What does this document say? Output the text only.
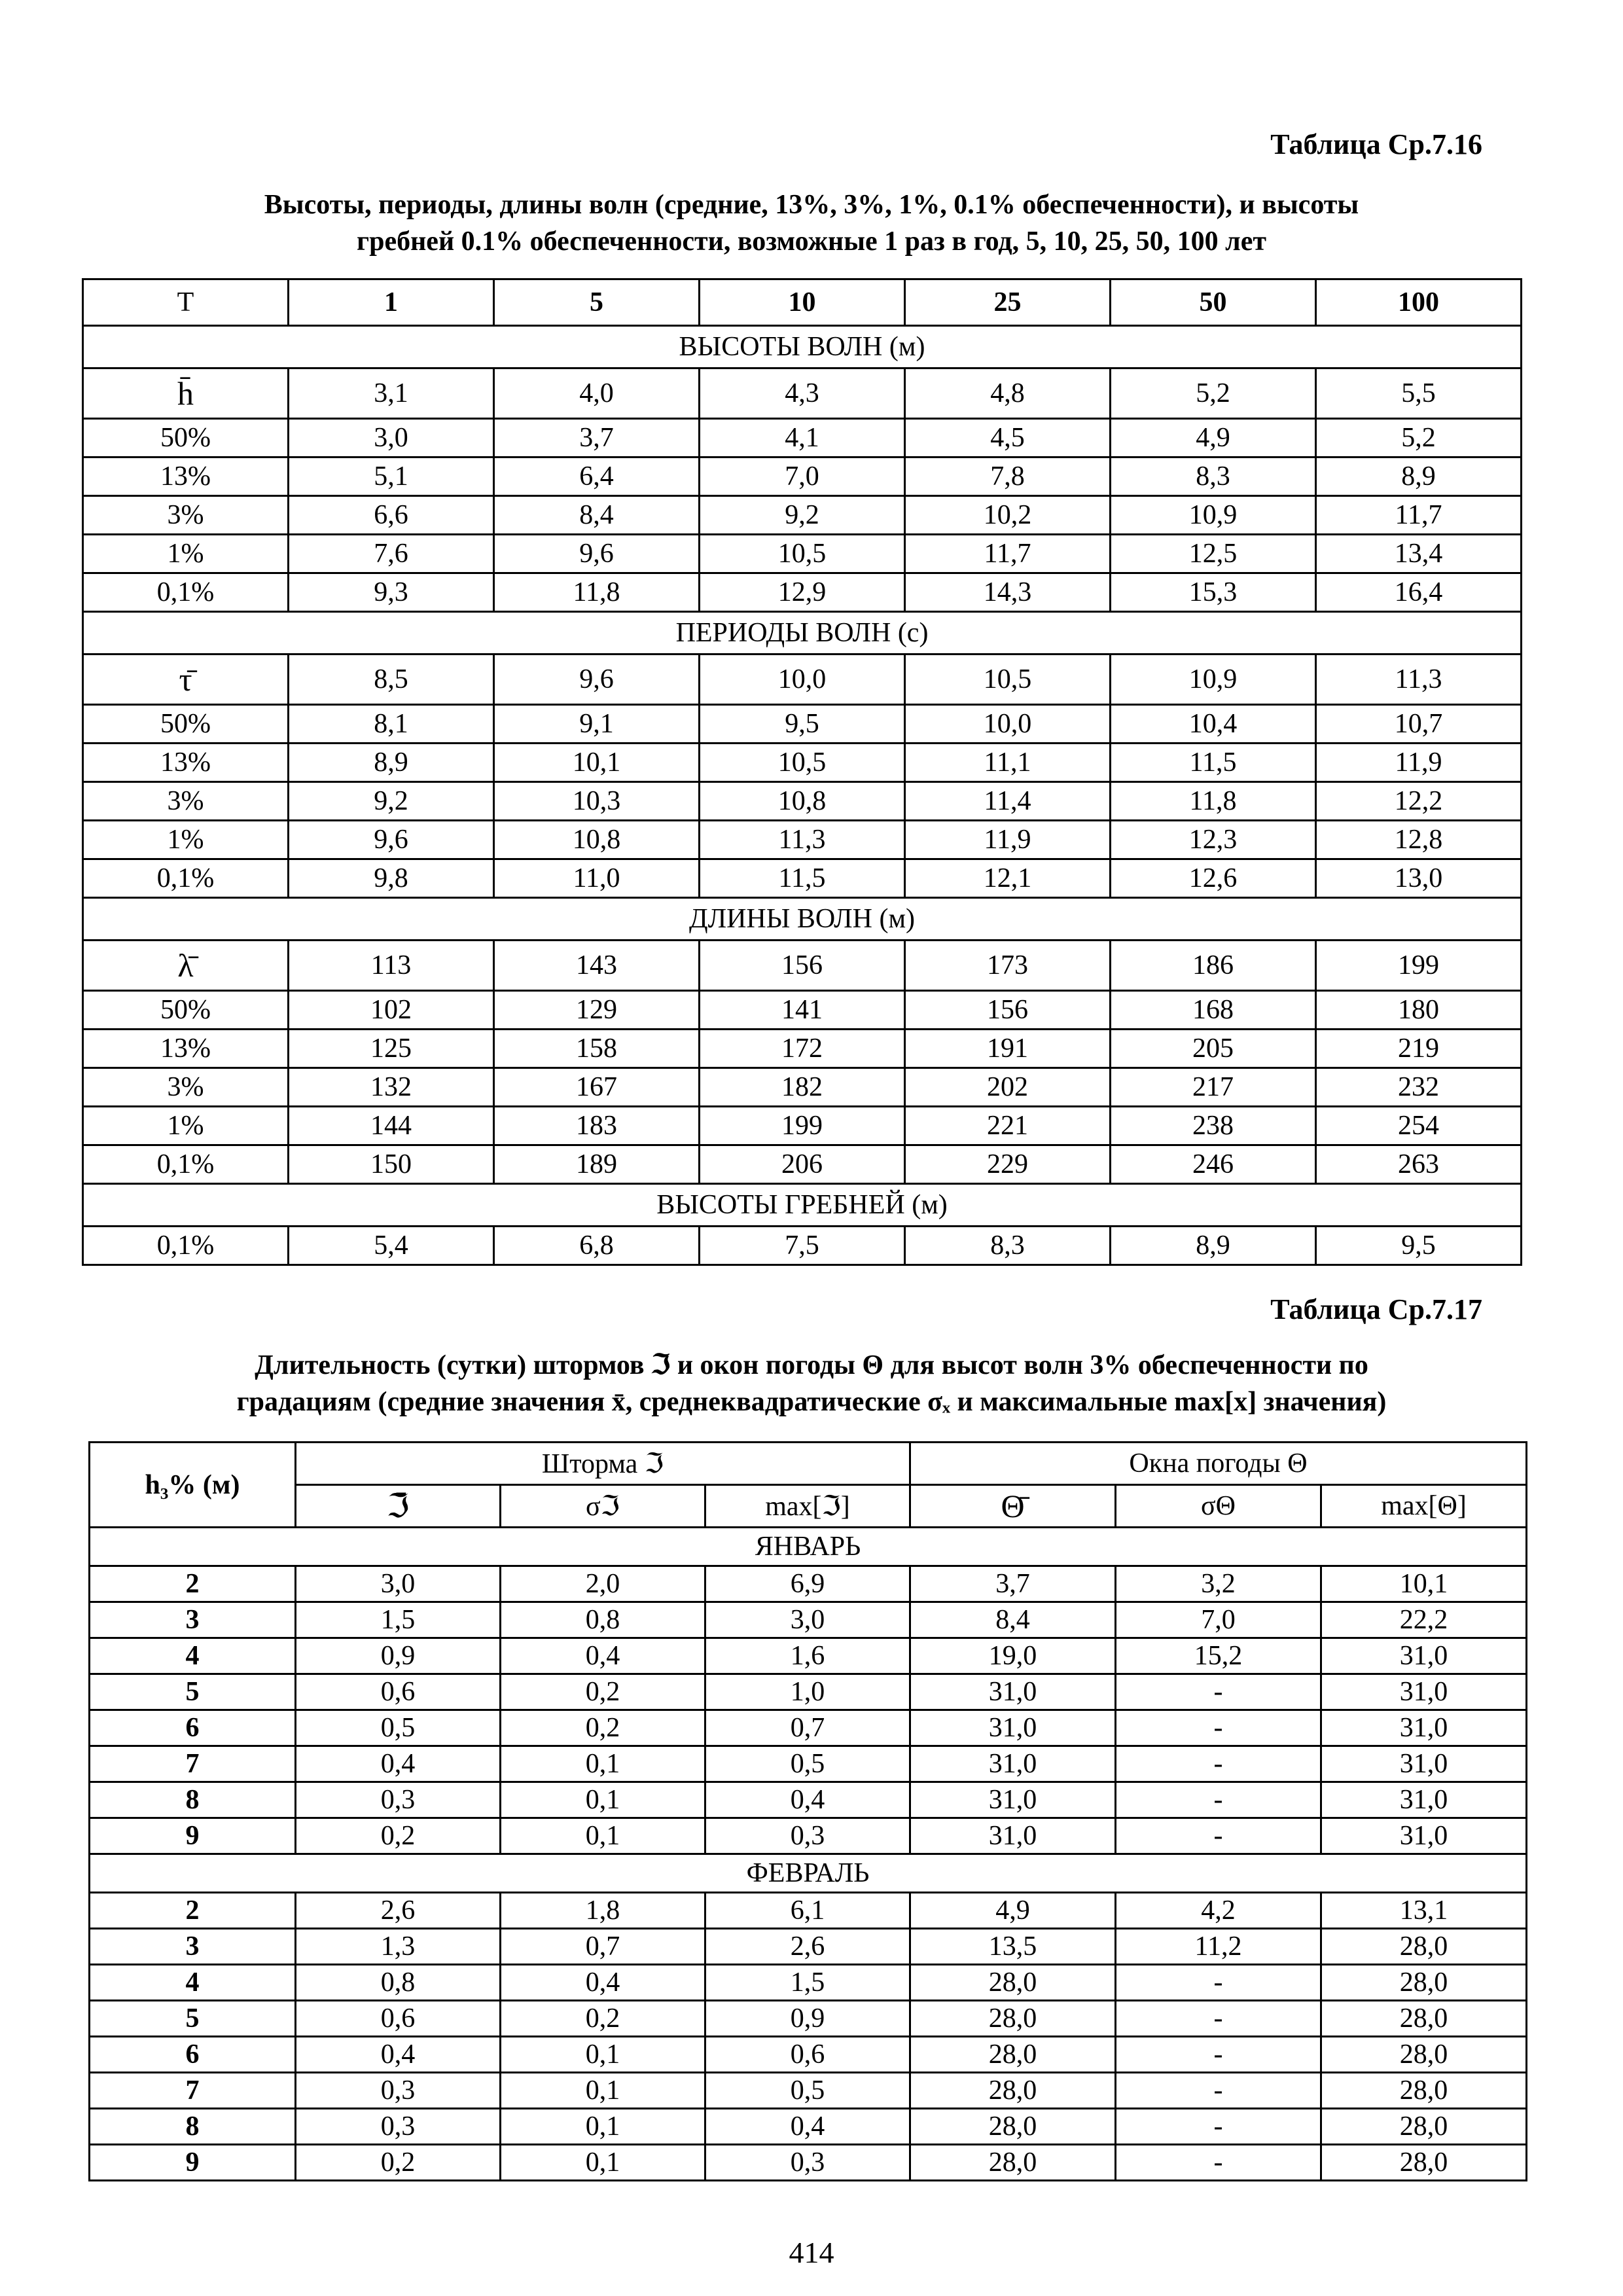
Таблица Ср.7.16
Высоты, периоды, длины волн (средние, 13%, 3%, 1%, 0.1% обеспеченности), и высоты
гребней 0.1% обеспеченности, возможные 1 раз в год, 5, 10, 25, 50, 100 лет
T	1	5	10	25	50	100
ВЫСОТЫ ВОЛН (м)						
h̄	3,1	4,0	4,3	4,8	5,2	5,5
50%	3,0	3,7	4,1	4,5	4,9	5,2
13%	5,1	6,4	7,0	7,8	8,3	8,9
3%	6,6	8,4	9,2	10,2	10,9	11,7
1%	7,6	9,6	10,5	11,7	12,5	13,4
0,1%	9,3	11,8	12,9	14,3	15,3	16,4
ПЕРИОДЫ ВОЛН (с)						
τ̄	8,5	9,6	10,0	10,5	10,9	11,3
50%	8,1	9,1	9,5	10,0	10,4	10,7
13%	8,9	10,1	10,5	11,1	11,5	11,9
3%	9,2	10,3	10,8	11,4	11,8	12,2
1%	9,6	10,8	11,3	11,9	12,3	12,8
0,1%	9,8	11,0	11,5	12,1	12,6	13,0
ДЛИНЫ ВОЛН (м)						
λ̄	113	143	156	173	186	199
50%	102	129	141	156	168	180
13%	125	158	172	191	205	219
3%	132	167	182	202	217	232
1%	144	183	199	221	238	254
0,1%	150	189	206	229	246	263
ВЫСОТЫ ГРЕБНЕЙ (м)						
0,1%	5,4	6,8	7,5	8,3	8,9	9,5
Таблица Ср.7.17
Длительность (сутки) штормов ℑ и окон погоды Θ для высот волн 3% обеспеченности по
градациям (средние значения x̄, среднеквадратические σₓ и максимальные max[x] значения)
h₃% (м)	Шторма ℑ			Окна погоды Θ		
	ℑ̄	σℑ	max[ℑ]	Θ̄	σΘ	max[Θ]
ЯНВАРЬ						
2	3,0	2,0	6,9	3,7	3,2	10,1
3	1,5	0,8	3,0	8,4	7,0	22,2
4	0,9	0,4	1,6	19,0	15,2	31,0
5	0,6	0,2	1,0	31,0	-	31,0
6	0,5	0,2	0,7	31,0	-	31,0
7	0,4	0,1	0,5	31,0	-	31,0
8	0,3	0,1	0,4	31,0	-	31,0
9	0,2	0,1	0,3	31,0	-	31,0
ФЕВРАЛЬ						
2	2,6	1,8	6,1	4,9	4,2	13,1
3	1,3	0,7	2,6	13,5	11,2	28,0
4	0,8	0,4	1,5	28,0	-	28,0
5	0,6	0,2	0,9	28,0	-	28,0
6	0,4	0,1	0,6	28,0	-	28,0
7	0,3	0,1	0,5	28,0	-	28,0
8	0,3	0,1	0,4	28,0	-	28,0
9	0,2	0,1	0,3	28,0	-	28,0
414
